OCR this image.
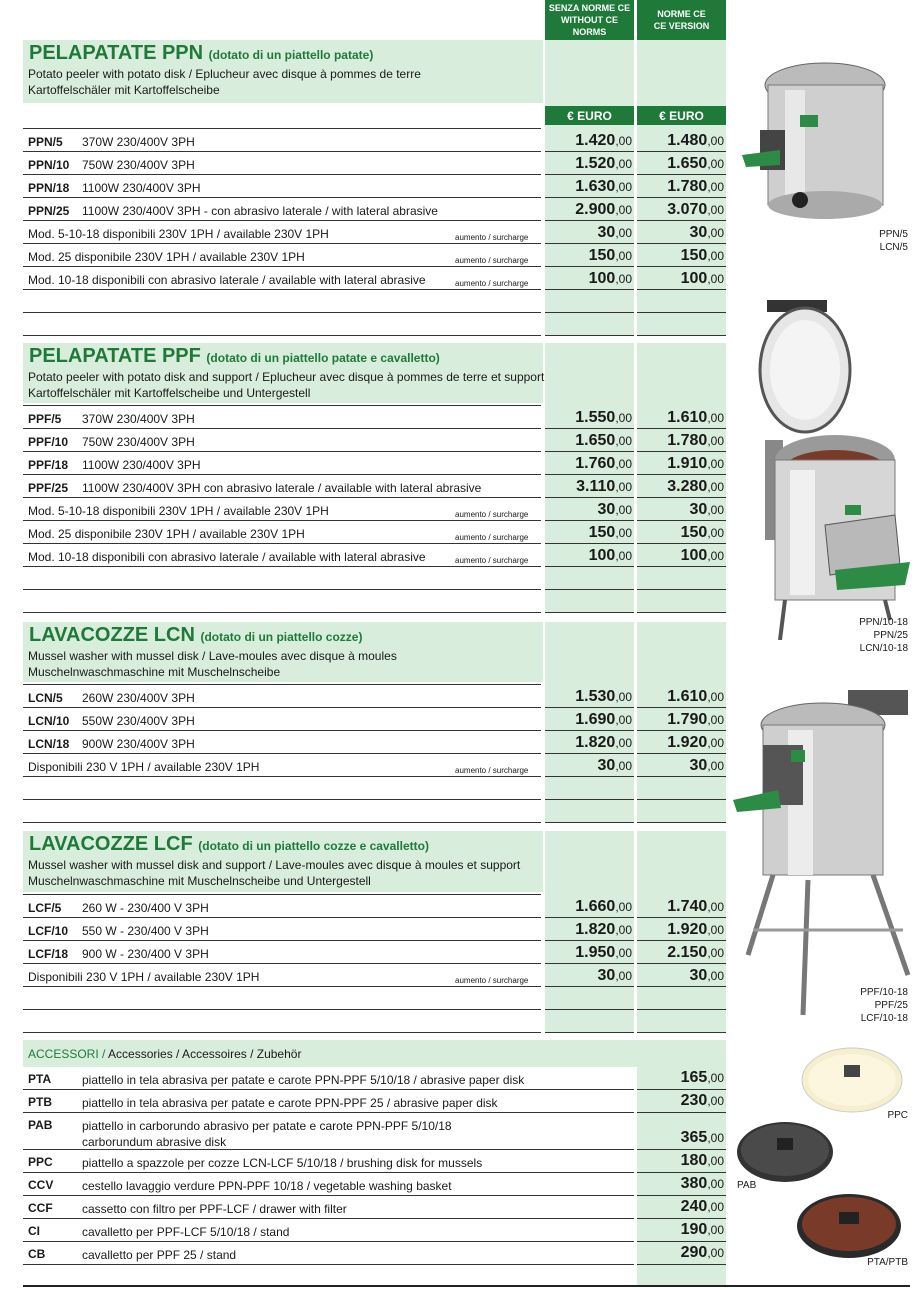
SENZA NORME CE
WITHOUT CE NORMS
NORME CE
CE VERSION
PELAPATATE PPN (dotato di un piattello patate)
Potato peeler with potato disk / Eplucheur avec disque à pommes de terre
Kartoffelschäler mit Kartoffelscheibe
€ EURO	€ EURO
PPN/5 370W 230/400V 3PH	1.420,00	1.480,00
PPN/10 750W 230/400V 3PH	1.520,00	1.650,00
PPN/18 1100W 230/400V 3PH	1.630,00	1.780,00
PPN/25 1100W 230/400V 3PH - con abrasivo laterale / with lateral abrasive	2.900,00	3.070,00
Mod. 5-10-18 disponibili 230V 1PH / available 230V 1PH	aumento / surcharge	30,00	30,00
Mod. 25 disponibile 230V 1PH / available 230V 1PH	aumento / surcharge	150,00	150,00
Mod. 10-18 disponibili con abrasivo laterale / available with lateral abrasive	aumento / surcharge	100,00	100,00
PELAPATATE PPF (dotato di un piattello patate e cavalletto)
Potato peeler with potato disk and support / Eplucheur avec disque à pommes de terre et support
Kartoffelschäler mit Kartoffelscheibe und Untergestell
PPF/5 370W 230/400V 3PH	1.550,00	1.610,00
PPF/10 750W 230/400V 3PH	1.650,00	1.780,00
PPF/18 1100W 230/400V 3PH	1.760,00	1.910,00
PPF/25 1100W 230/400V 3PH con abrasivo laterale / available with lateral abrasive	3.110,00	3.280,00
Mod. 5-10-18 disponibili 230V 1PH / available 230V 1PH	aumento / surcharge	30,00	30,00
Mod. 25 disponibile 230V 1PH / available 230V 1PH	aumento / surcharge	150,00	150,00
Mod. 10-18 disponibili con abrasivo laterale / available with lateral abrasive	aumento / surcharge	100,00	100,00
LAVACOZZE LCN (dotato di un piattello cozze)
Mussel washer with mussel disk / Lave-moules avec disque à moules
Muschelnwaschmaschine mit Muschelnscheibe
LCN/5 260W 230/400V 3PH	1.530,00	1.610,00
LCN/10 550W 230/400V 3PH	1.690,00	1.790,00
LCN/18 900W 230/400V 3PH	1.820,00	1.920,00
Disponibili 230 V 1PH / available 230V 1PH	aumento / surcharge	30,00	30,00
LAVACOZZE LCF (dotato di un piattello cozze e cavalletto)
Mussel washer with mussel disk and support / Lave-moules avec disque à moules et support
Muschelnwaschmaschine mit Muschelnscheibe und Untergestell
LCF/5 260 W - 230/400 V 3PH	1.660,00	1.740,00
LCF/10 550 W - 230/400 V 3PH	1.820,00	1.920,00
LCF/18 900 W - 230/400 V 3PH	1.950,00	2.150,00
Disponibili 230 V 1PH / available 230V 1PH	aumento / surcharge	30,00	30,00
ACCESSORI / Accessories / Accessoires / Zubehör
PTA	piattello in tela abrasiva per patate e carote PPN-PPF 5/10/18 / abrasive paper disk	165,00
PTB	piattello in tela abrasiva per patate e carote PPN-PPF 25 / abrasive paper disk	230,00
PAB piattello in carborundo abrasivo per patate e carote PPN-PPF 5/10/18
carborundum abrasive disk	365,00
PPC piattello a spazzole per cozze LCN-LCF 5/10/18 / brushing disk for mussels	180,00
CCV cestello lavaggio verdure PPN-PPF 10/18 / vegetable washing basket	380,00
CCF cassetto con filtro per PPF-LCF / drawer with filter	240,00
CI	cavalletto per PPF-LCF 5/10/18 / stand	190,00
CB	cavalletto per PPF 25 / stand	290,00
PPN/5
LCN/5
PPN/10-18
PPN/25
LCN/10-18
PPF/10-18
PPF/25
LCF/10-18
PPC
PAB
PTA/PTB
